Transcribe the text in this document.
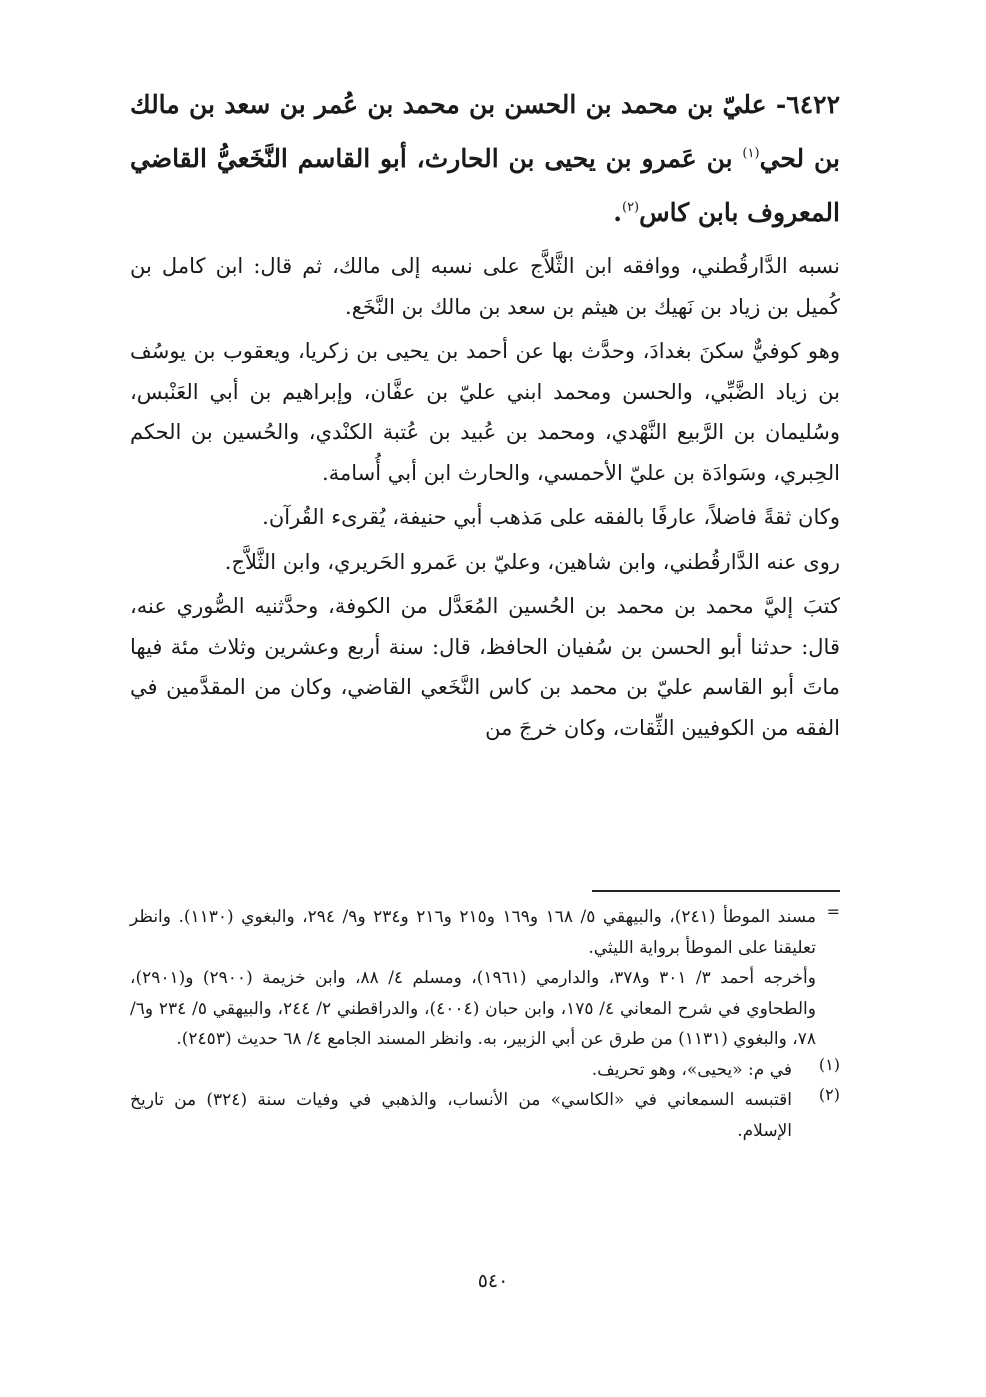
٦٤٢٢- عليّ بن محمد بن الحسن بن محمد بن عُمر بن سعد بن مالك بن لحي$^{(١)}$ بن عَمرو بن يحيى بن الحارث، أبو القاسم النَّخَعيُّ القاضي المعروف بابن كاس$^{(٢)}$.

نسبه الدَّارقُطني، ووافقه ابن الثَّلاَّج على نسبه إلى مالك، ثم قال: ابن كامل بن كُميل بن زياد بن نَهيك بن هيثم بن سعد بن مالك بن النَّخَع.

وهو كوفيٌّ سكنَ بغدادَ، وحدَّث بها عن أحمد بن يحيى بن زكريا، ويعقوب بن يوسُف بن زياد الضَّبِّي، والحسن ومحمد ابني عليّ بن عفَّان، وإبراهيم بن أبي العَنْبس، وسُليمان بن الرَّبيع النَّهْدي، ومحمد بن عُبيد بن عُتبة الكنْدي، والحُسين بن الحكم الحِبري، وسَوادَة بن عليّ الأحمسي، والحارث ابن أبي أُسامة.

وكان ثقةً فاضلاً، عارفًا بالفقه على مَذهب أبي حنيفة، يُقرىء القُرآن.

روى عنه الدَّارقُطني، وابن شاهين، وعليّ بن عَمرو الحَريري، وابن الثَّلاَّج.

كتبَ إليَّ محمد بن محمد بن الحُسين المُعَدَّل من الكوفة، وحدَّثنيه الصُّوري عنه، قال: حدثنا أبو الحسن بن سُفيان الحافظ، قال: سنة أربع وعشرين وثلاث مئة فيها ماتَ أبو القاسم عليّ بن محمد بن كاس النَّخَعي القاضي، وكان من المقدَّمين في الفقه من الكوفيين الثِّقات، وكان خرجَ من

=

مسند الموطأ (٢٤١)، والبيهقي ٥/ ١٦٨ و١٦٩ و٢١٥ و٢١٦ و٢٣٤ و٩/ ٢٩٤، والبغوي (١١٣٠). وانظر تعليقنا على الموطأ برواية الليثي.

وأخرجه أحمد ٣/ ٣٠١ و٣٧٨، والدارمي (١٩٦١)، ومسلم ٤/ ٨٨، وابن خزيمة (٢٩٠٠) و(٢٩٠١)، والطحاوي في شرح المعاني ٤/ ١٧٥، وابن حبان (٤٠٠٤)، والدراقطني ٢/ ٢٤٤، والبيهقي ٥/ ٢٣٤ و٦/ ٧٨، والبغوي (١١٣١) من طرق عن أبي الزبير، به. وانظر المسند الجامع ٤/ ٦٨ حديث (٢٤٥٣).

(١)

في م: «يحيى»، وهو تحريف.

(٢)

اقتبسه السمعاني في «الكاسي» من الأنساب، والذهبي في وفيات سنة (٣٢٤) من تاريخ الإسلام.

٥٤٠
